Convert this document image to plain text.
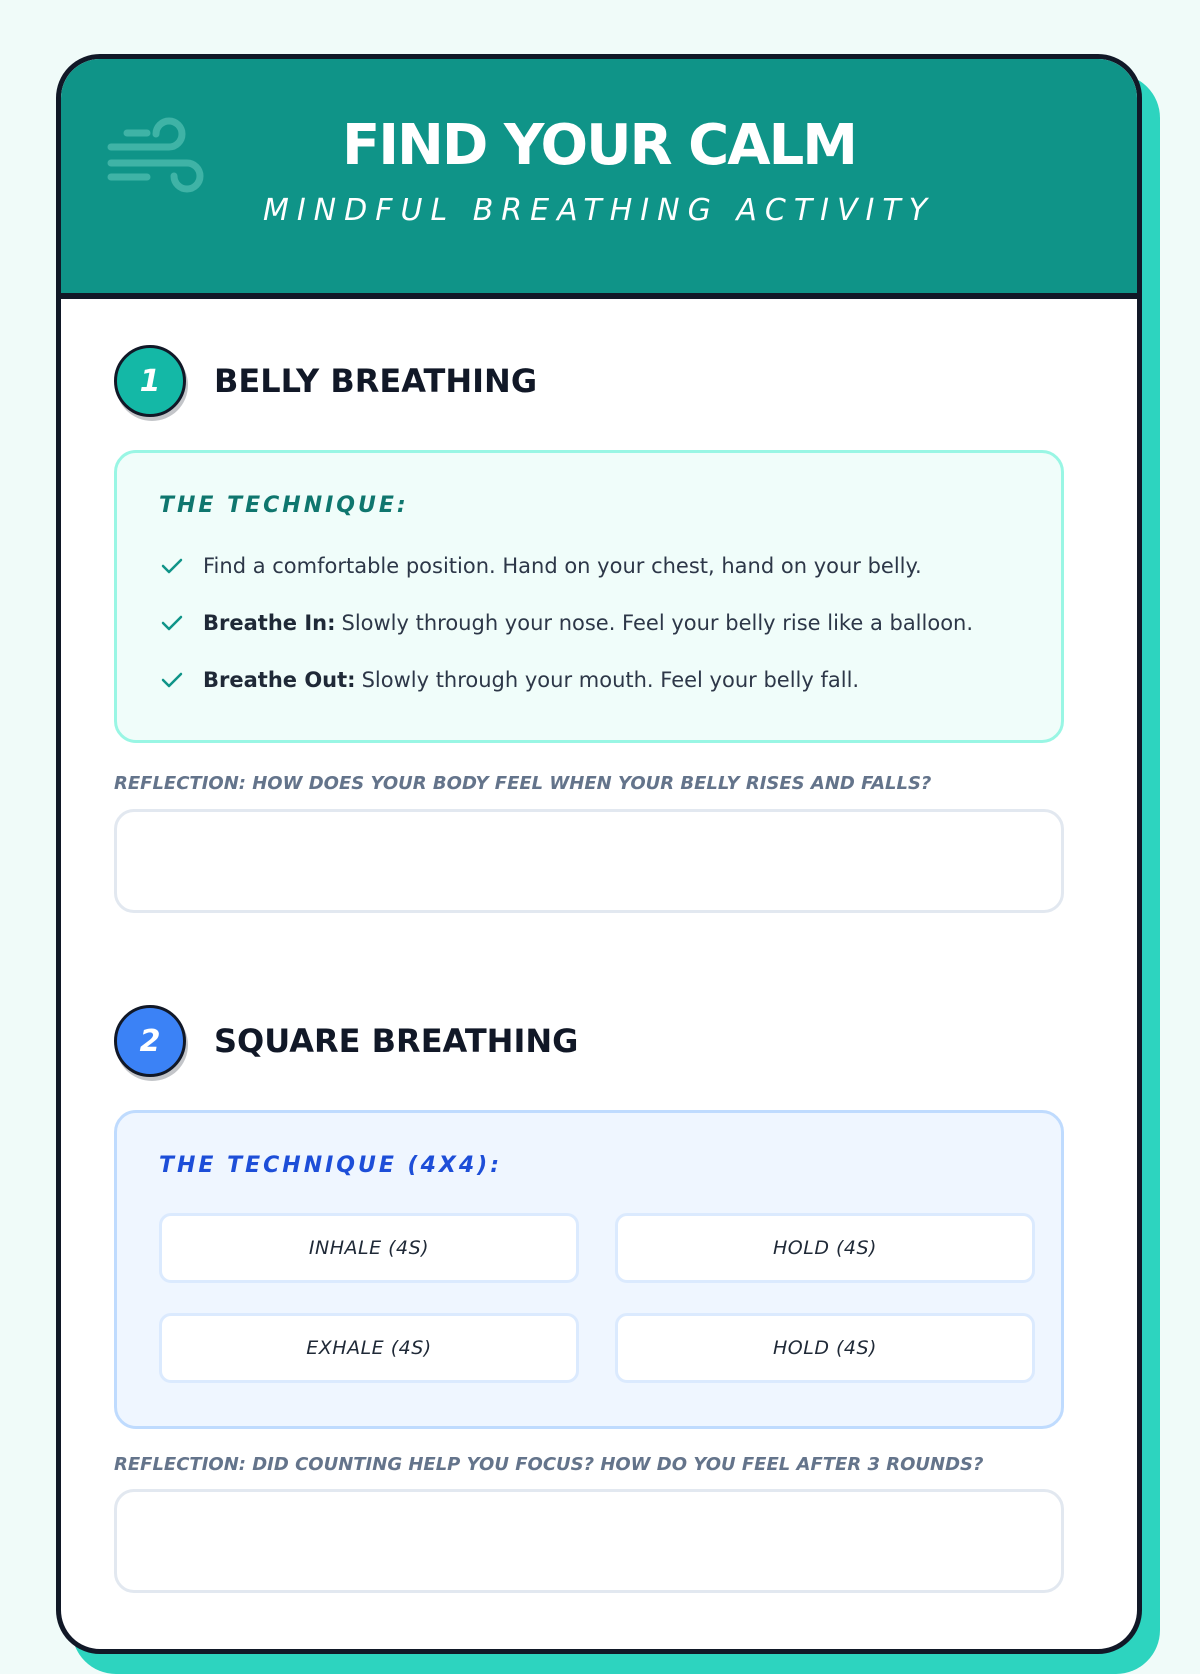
FIND YOUR CALM
MINDFUL BREATHING ACTIVITY
1	BELLY BREATHING
THE TECHNIQUE:
Find a comfortable position. Hand on your chest, hand on your belly.
Breathe In: Slowly through your nose. Feel your belly rise like a balloon.
Breathe Out: Slowly through your mouth. Feel your belly fall.
REFLECTION: HOW DOES YOUR BODY FEEL WHEN YOUR BELLY RISES AND FALLS?
2	SQUARE BREATHING
THE TECHNIQUE (4X4):
INHALE (4S)	HOLD (4S)
EXHALE (4S)	HOLD (4S)
REFLECTION: DID COUNTING HELP YOU FOCUS? HOW DO YOU FEEL AFTER 3 ROUNDS?
